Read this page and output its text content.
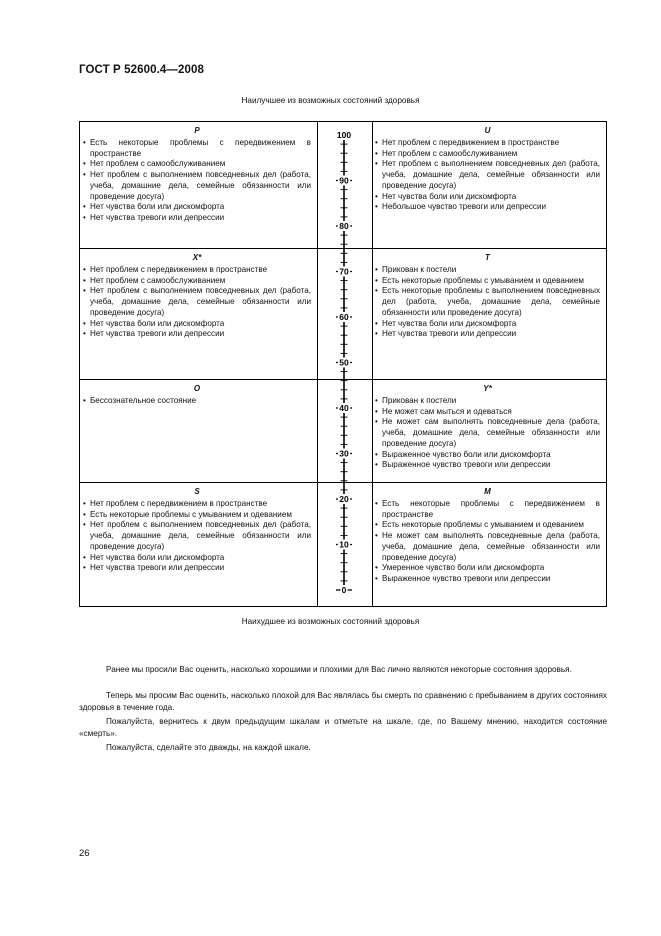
ГОСТ Р 52600.4—2008
Наилучшее из возможных состояний здоровья
P
• Есть некоторые проблемы с передвижением в пространстве
• Нет проблем с самообслуживанием
• Нет проблем с выполнением повседневных дел (работа, учеба, домашние дела, семейные обязанности или проведение досуга)
• Нет чувства боли или дискомфорта
• Нет чувства тревоги или депрессии
U
• Нет проблем с передвижением в пространстве
• Нет проблем с самообслуживанием
• Нет проблем с выполнением повседневных дел (работа, учеба, домашние дела, семейные обязанности или проведение досуга)
• Нет чувства боли или дискомфорта
• Небольшое чувство тревоги или депрессии
X*
• Нет проблем с передвижением в пространстве
• Нет проблем с самообслуживанием
• Нет проблем с выполнением повседневных дел (работа, учеба, домашние дела, семейные обязанности или проведение досуга)
• Нет чувства боли или дискомфорта
• Нет чувства тревоги или депрессии
T
• Прикован к постели
• Есть некоторые проблемы с умыванием и одеванием
• Есть некоторые проблемы с выполнением повседневных дел (работа, учеба, домашние дела, семейные обязанности или проведение досуга)
• Нет чувства боли или дискомфорта
• Нет чувства тревоги или депрессии
O
• Бессознательное состояние
Y*
• Прикован к постели
• Не может сам мыться и одеваться
• Не может сам выполнять повседневные дела (работа, учеба, домашние дела, семейные обязанности или проведение досуга)
• Выраженное чувство боли или дискомфорта
• Выраженное чувство тревоги или депрессии
S
• Нет проблем с передвижением в пространстве
• Есть некоторые проблемы с умыванием и одеванием
• Нет проблем с выполнением повседневных дел (работа, учеба, домашние дела, семейные обязанности или проведение досуга)
• Нет чувства боли или дискомфорта
• Нет чувства тревоги или депрессии
M
• Есть некоторые проблемы с передвижением в пространстве
• Есть некоторые проблемы с умыванием и одеванием
• Не может сам выполнять повседневные дела (работа, учеба, домашние дела, семейные обязанности или проведение досуга)
• Умеренное чувство боли или дискомфорта
• Выраженное чувство тревоги или депрессии
100
90
80
70
60
50
40
30
20
10
0
Наихудшее из возможных состояний здоровья
Ранее мы просили Вас оценить, насколько хорошими и плохими для Вас лично являются некоторые состояния здоровья.
Теперь мы просим Вас оценить, насколько плохой для Вас являлась бы смерть по сравнению с пребыванием в других состояниях здоровья в течение года.
Пожалуйста, вернитесь к двум предыдущим шкалам и отметьте на шкале, где, по Вашему мнению, находится состояние «смерть».
Пожалуйста, сделайте это дважды, на каждой шкале.
26
